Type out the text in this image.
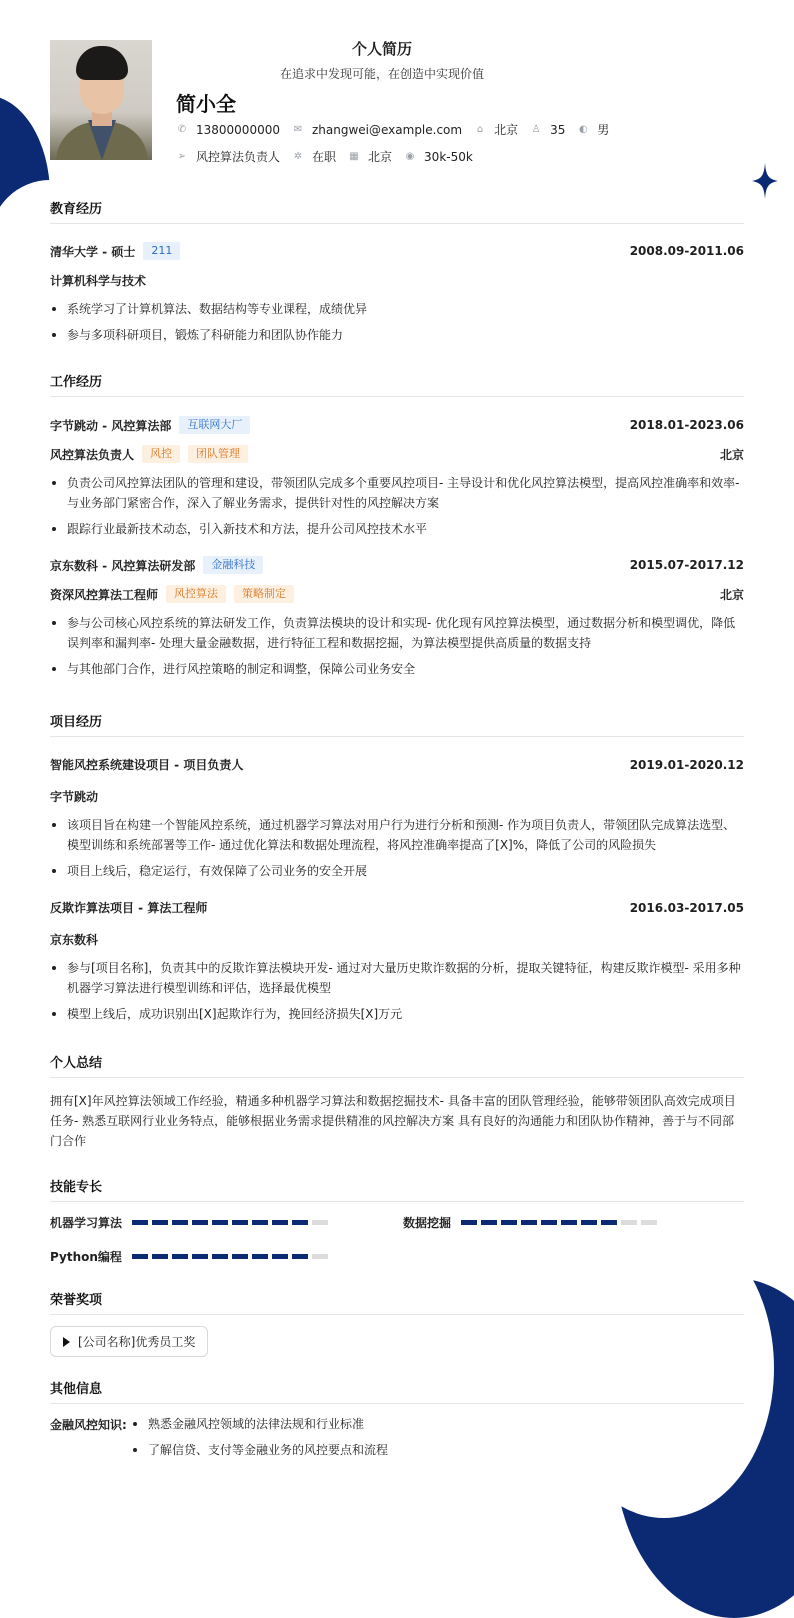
个人简历
在追求中发现可能，在创造中实现价值
简小全
✆ 13800000000 ✉ zhangwei@example.com ⌂ 北京 ♙ 35 ◐ 男
➢ 风控算法负责人 ✲ 在职 ▦ 北京 ◉ 30k-50k
教育经历
清华大学 - 硕士	211	2008.09-2011.06
计算机科学与技术
系统学习了计算机算法、数据结构等专业课程，成绩优异
参与多项科研项目，锻炼了科研能力和团队协作能力
工作经历
字节跳动 - 风控算法部	互联网大厂	2018.01-2023.06
风控算法负责人	风控	团队管理	北京
负责公司风控算法团队的管理和建设，带领团队完成多个重要风控项目- 主导设计和优化风控算法模型，提高风控准确率和效率- 与业务部门紧密合作，深入了解业务需求，提供针对性的风控解决方案
跟踪行业最新技术动态，引入新技术和方法，提升公司风控技术水平
京东数科 - 风控算法研发部	金融科技	2015.07-2017.12
资深风控算法工程师	风控算法	策略制定	北京
参与公司核心风控系统的算法研发工作，负责算法模块的设计和实现- 优化现有风控算法模型，通过数据分析和模型调优，降低误判率和漏判率- 处理大量金融数据，进行特征工程和数据挖掘，为算法模型提供高质量的数据支持
与其他部门合作，进行风控策略的制定和调整，保障公司业务安全
项目经历
智能风控系统建设项目 - 项目负责人	2019.01-2020.12
字节跳动
该项目旨在构建一个智能风控系统，通过机器学习算法对用户行为进行分析和预测- 作为项目负责人，带领团队完成算法选型、模型训练和系统部署等工作- 通过优化算法和数据处理流程，将风控准确率提高了[X]%，降低了公司的风险损失
项目上线后，稳定运行，有效保障了公司业务的安全开展
反欺诈算法项目 - 算法工程师	2016.03-2017.05
京东数科
参与[项目名称]，负责其中的反欺诈算法模块开发- 通过对大量历史欺诈数据的分析，提取关键特征，构建反欺诈模型- 采用多种机器学习算法进行模型训练和评估，选择最优模型
模型上线后，成功识别出[X]起欺诈行为，挽回经济损失[X]万元
个人总结
拥有[X]年风控算法领域工作经验，精通多种机器学习算法和数据挖掘技术- 具备丰富的团队管理经验，能够带领团队高效完成项目任务- 熟悉互联网行业业务特点，能够根据业务需求提供精准的风控解决方案 具有良好的沟通能力和团队协作精神，善于与不同部门合作
技能专长
机器学习算法	数据挖掘
Python编程
荣誉奖项
[公司名称]优秀员工奖
其他信息
金融风控知识:	熟悉金融风控领域的法律法规和行业标准
了解信贷、支付等金融业务的风控要点和流程
